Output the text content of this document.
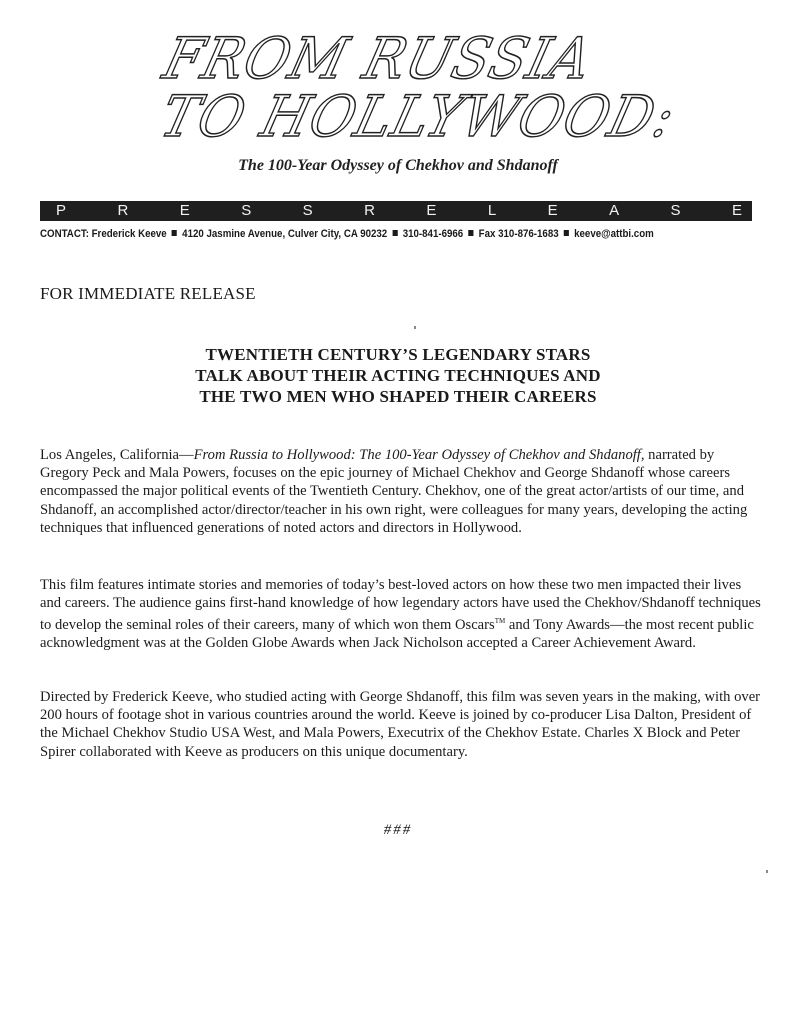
FROM RUSSIA
TO HOLLYWOOD:
The 100-Year Odyssey of Chekhov and Shdanoff
P	R	E	S	S	R	E	L	E	A	S	E
CONTACT: Frederick Keeve 4120 Jasmine Avenue, Culver City, CA 90232 310-841-6966 Fax 310-876-1683 keeve@attbi.com
FOR IMMEDIATE RELEASE
TWENTIETH CENTURY’S LEGENDARY STARS
TALK ABOUT THEIR ACTING TECHNIQUES AND
THE TWO MEN WHO SHAPED THEIR CAREERS

Los Angeles, California—From Russia to Hollywood: The 100-Year Odyssey of Chekhov and Shdanoff, narrated by Gregory Peck and Mala Powers, focuses on the epic journey of Michael Chekhov and George Shdanoff whose careers encompassed the major political events of the Twentieth Century. Chekhov, one of the great actor/artists of our time, and Shdanoff, an accomplished actor/director/teacher in his own right, were colleagues for many years, developing the acting techniques that influenced generations of noted actors and directors in Hollywood.

This film features intimate stories and memories of today’s best-loved actors on how these two men impacted their lives and careers. The audience gains first-hand knowledge of how legendary actors have used the Chekhov/Shdanoff techniques to develop the seminal roles of their careers, many of which won them Oscars™ and Tony Awards—the most recent public acknowledgment was at the Golden Globe Awards when Jack Nicholson accepted a Career Achievement Award.

Directed by Frederick Keeve, who studied acting with George Shdanoff, this film was seven years in the making, with over 200 hours of footage shot in various countries around the world. Keeve is joined by co-producer Lisa Dalton, President of the Michael Chekhov Studio USA West, and Mala Powers, Executrix of the Chekhov Estate. Charles X Block and Peter Spirer collaborated with Keeve as producers on this unique documentary.

###
